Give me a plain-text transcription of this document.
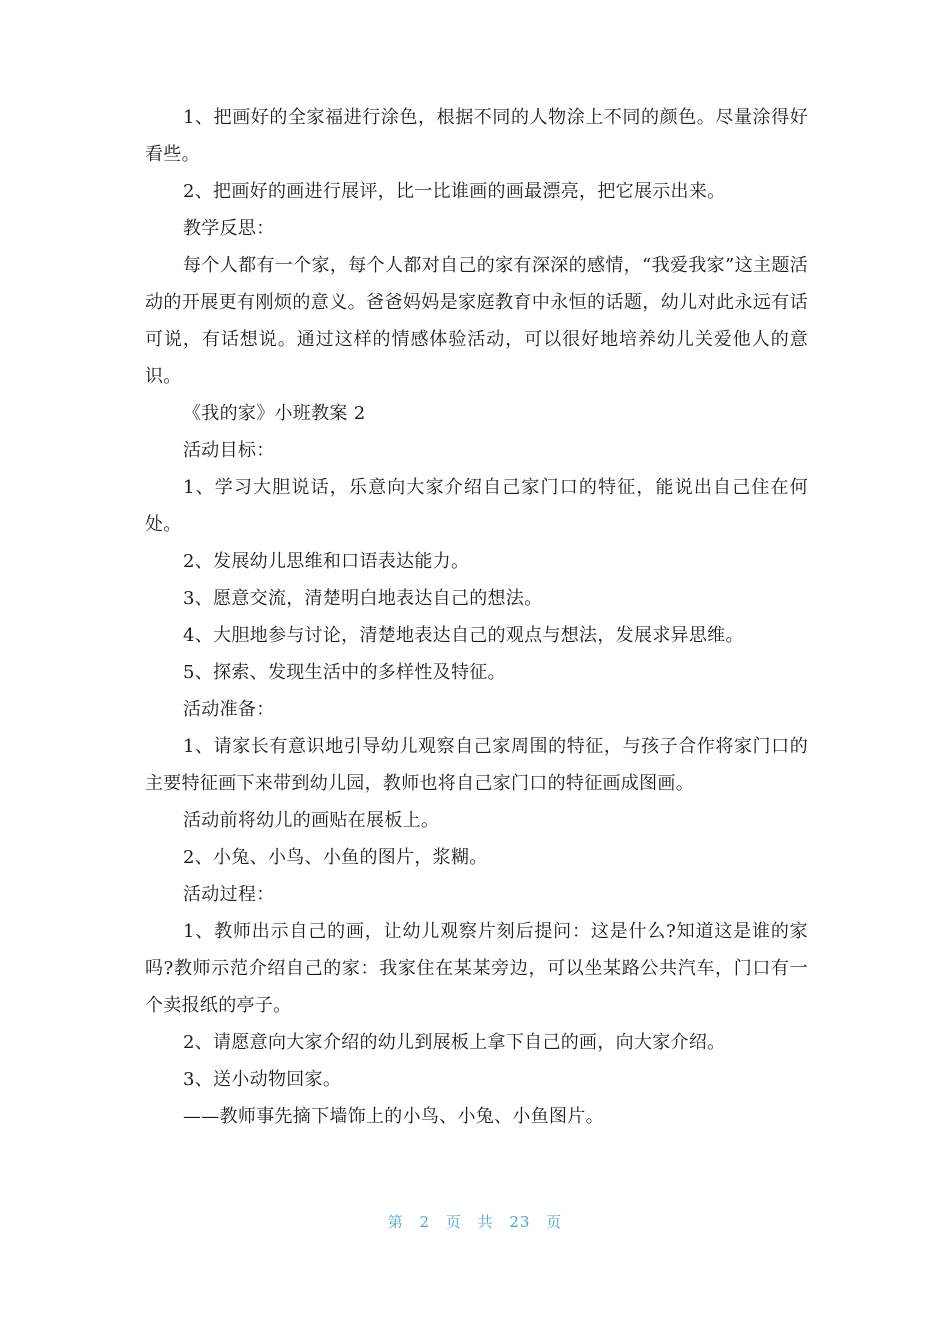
1、把画好的全家福进行涂色，根据不同的人物涂上不同的颜色。尽量涂得好看些。

2、把画好的画进行展评，比一比谁画的画最漂亮，把它展示出来。

教学反思：

每个人都有一个家，每个人都对自己的家有深深的感情，“我爱我家”这主题活动的开展更有刚烦的意义。爸爸妈妈是家庭教育中永恒的话题，幼儿对此永远有话可说，有话想说。通过这样的情感体验活动，可以很好地培养幼儿关爱他人的意识。

《我的家》小班教案 2

活动目标：

1、学习大胆说话，乐意向大家介绍自己家门口的特征，能说出自己住在何处。

2、发展幼儿思维和口语表达能力。

3、愿意交流，清楚明白地表达自己的想法。

4、大胆地参与讨论，清楚地表达自己的观点与想法，发展求异思维。

5、探索、发现生活中的多样性及特征。

活动准备：

1、请家长有意识地引导幼儿观察自己家周围的特征，与孩子合作将家门口的主要特征画下来带到幼儿园，教师也将自己家门口的特征画成图画。

活动前将幼儿的画贴在展板上。

2、小兔、小鸟、小鱼的图片，浆糊。

活动过程：

1、教师出示自己的画，让幼儿观察片刻后提问：这是什么?知道这是谁的家吗?教师示范介绍自己的家：我家住在某某旁边，可以坐某路公共汽车，门口有一个卖报纸的亭子。

2、请愿意向大家介绍的幼儿到展板上拿下自己的画，向大家介绍。

3、送小动物回家。

——教师事先摘下墙饰上的小鸟、小兔、小鱼图片。

第 2 页 共 23 页
